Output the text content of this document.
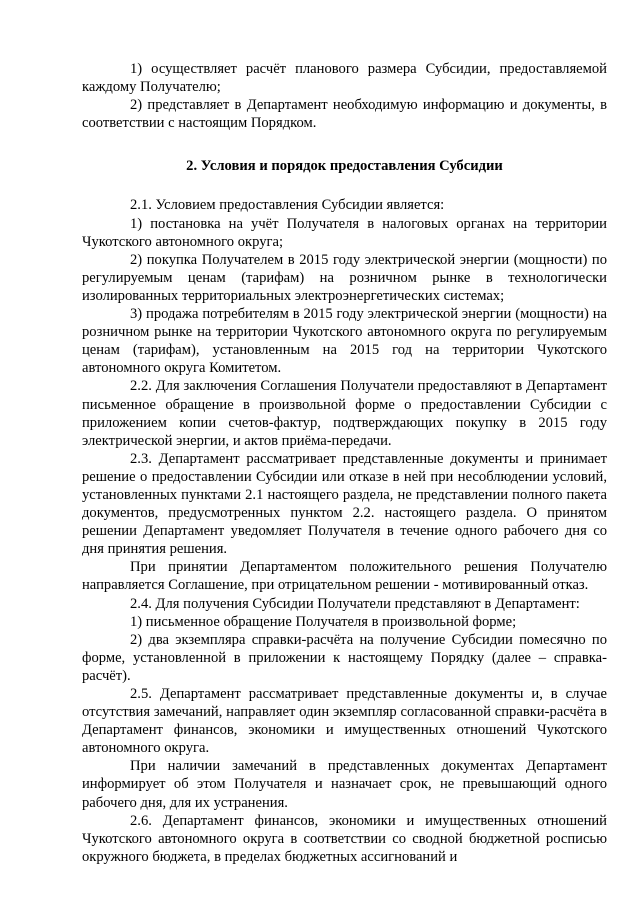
1) осуществляет расчёт планового размера Субсидии, предоставляемой каждому Получателю;

2) представляет в Департамент необходимую информацию и документы, в соответствии с настоящим Порядком.

2. Условия и порядок предоставления Субсидии

2.1. Условием предоставления Субсидии является:

1) постановка на учёт Получателя в налоговых органах на территории Чукотского автономного округа;

2) покупка Получателем в 2015 году электрической энергии (мощности) по регулируемым ценам (тарифам) на розничном рынке в технологически изолированных территориальных электроэнергетических системах;

3) продажа потребителям в 2015 году электрической энергии (мощности) на розничном рынке на территории Чукотского автономного округа по регулируемым ценам (тарифам), установленным на 2015 год на территории Чукотского автономного округа Комитетом.

2.2. Для заключения Соглашения Получатели предоставляют в Департамент письменное обращение в произвольной форме о предоставлении Субсидии с приложением копии счетов-фактур, подтверждающих покупку в 2015 году электрической энергии, и актов приёма-передачи.

2.3. Департамент рассматривает представленные документы и принимает решение о предоставлении Субсидии или отказе в ней при несоблюдении условий, установленных пунктами 2.1 настоящего раздела, не представлении полного пакета документов, предусмотренных пунктом 2.2. настоящего раздела. О принятом решении Департамент уведомляет Получателя в течение одного рабочего дня со дня принятия решения.

При принятии Департаментом положительного решения Получателю направляется Соглашение, при отрицательном решении - мотивированный отказ.

2.4. Для получения Субсидии Получатели представляют в Департамент:

1) письменное обращение Получателя в произвольной форме;

2) два экземпляра справки-расчёта на получение Субсидии помесячно по форме, установленной в приложении к настоящему Порядку (далее – справка-расчёт).

2.5. Департамент рассматривает представленные документы и, в случае отсутствия замечаний, направляет один экземпляр согласованной справки-расчёта в Департамент финансов, экономики и имущественных отношений Чукотского автономного округа.

При наличии замечаний в представленных документах Департамент информирует об этом Получателя и назначает срок, не превышающий одного рабочего дня, для их устранения.

2.6. Департамент финансов, экономики и имущественных отношений Чукотского автономного округа в соответствии со сводной бюджетной росписью окружного бюджета, в пределах бюджетных ассигнований и
